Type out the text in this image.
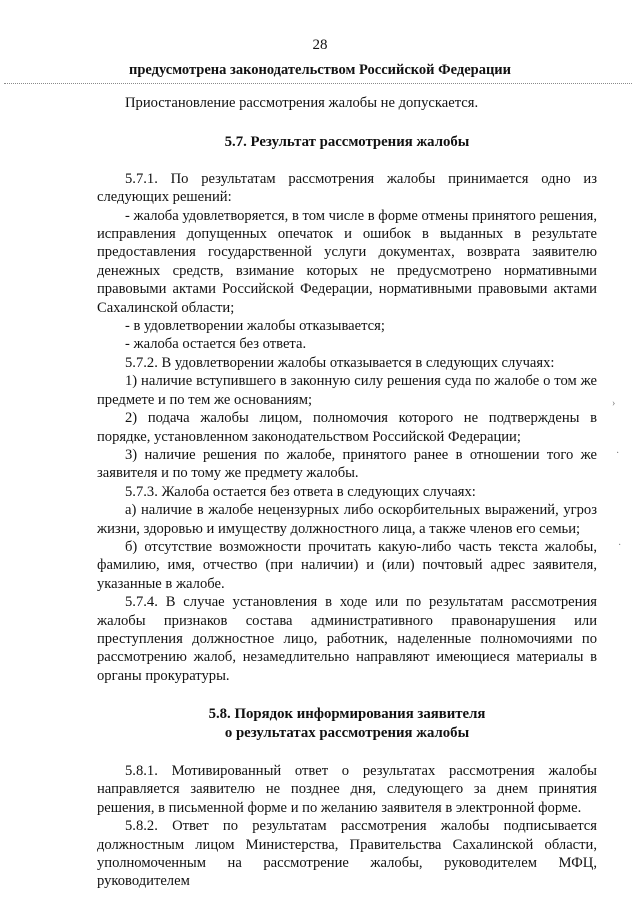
28
предусмотрена законодательством Российской Федерации

Приостановление рассмотрения жалобы не допускается.

5.7. Результат рассмотрения жалобы

5.7.1. По результатам рассмотрения жалобы принимается одно из следующих решений:

- жалоба удовлетворяется, в том числе в форме отмены принятого решения, исправления допущенных опечаток и ошибок в выданных в результате предоставления государственной услуги документах, возврата заявителю денежных средств, взимание которых не предусмотрено нормативными правовыми актами Российской Федерации, нормативными правовыми актами Сахалинской области;

- в удовлетворении жалобы отказывается;

- жалоба остается без ответа.

5.7.2. В удовлетворении жалобы отказывается в следующих случаях:

1) наличие вступившего в законную силу решения суда по жалобе о том же предмете и по тем же основаниям;

2) подача жалобы лицом, полномочия которого не подтверждены в порядке, установленном законодательством Российской Федерации;

3) наличие решения по жалобе, принятого ранее в отношении того же заявителя и по тому же предмету жалобы.

5.7.3. Жалоба остается без ответа в следующих случаях:

а) наличие в жалобе нецензурных либо оскорбительных выражений, угроз жизни, здоровью и имуществу должностного лица, а также членов его семьи;

б) отсутствие возможности прочитать какую-либо часть текста жалобы, фамилию, имя, отчество (при наличии) и (или) почтовый адрес заявителя, указанные в жалобе.

5.7.4. В случае установления в ходе или по результатам рассмотрения жалобы признаков состава административного правонарушения или преступления должностное лицо, работник, наделенные полномочиями по рассмотрению жалоб, незамедлительно направляют имеющиеся материалы в органы прокуратуры.

5.8. Порядок информирования заявителя
о результатах рассмотрения жалобы

5.8.1. Мотивированный ответ о результатах рассмотрения жалобы направляется заявителю не позднее дня, следующего за днем принятия решения, в письменной форме и по желанию заявителя в электронной форме.

5.8.2. Ответ по результатам рассмотрения жалобы подписывается должностным лицом Министерства, Правительства Сахалинской области, уполномоченным на рассмотрение жалобы, руководителем МФЦ, руководителем

›
·
·
